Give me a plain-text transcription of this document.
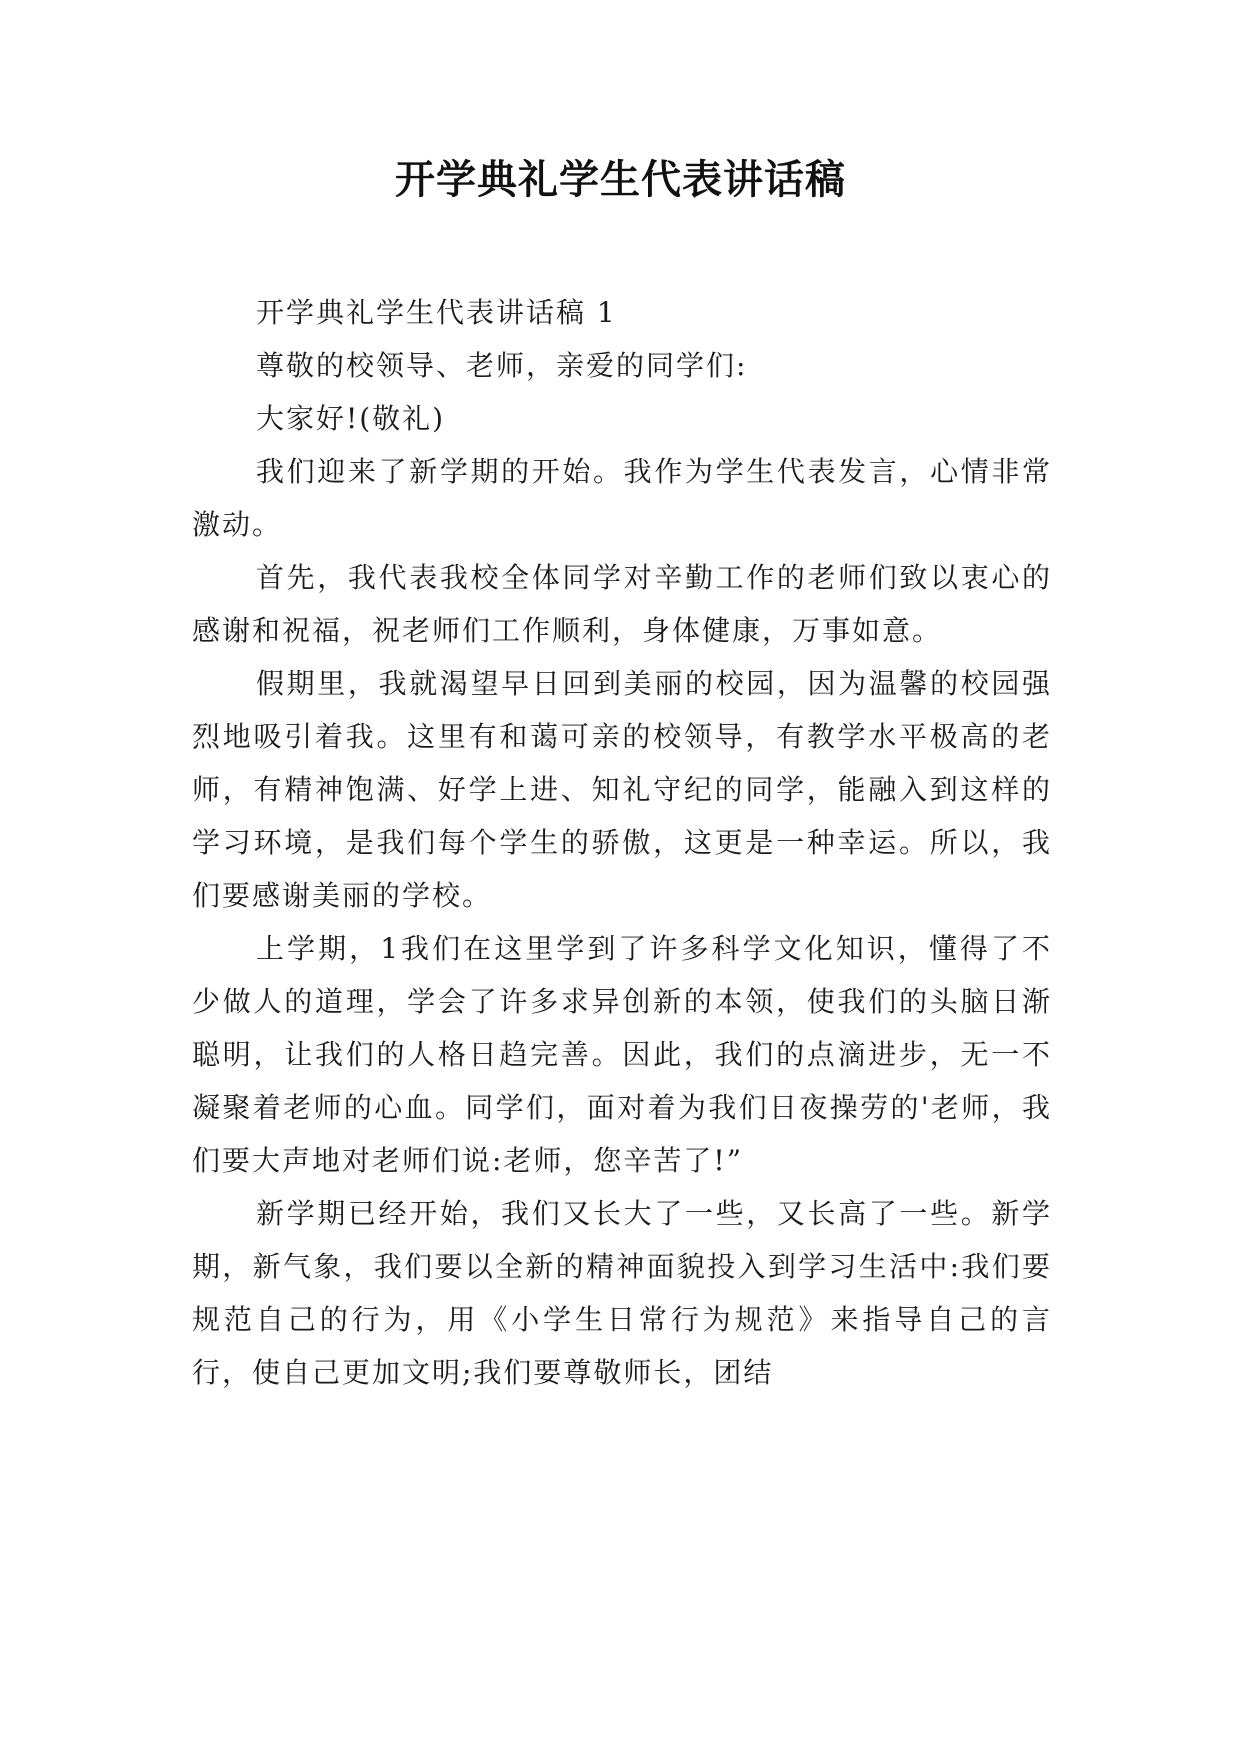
开学典礼学生代表讲话稿

开学典礼学生代表讲话稿 1

尊敬的校领导、老师，亲爱的同学们:

大家好!(敬礼)

我们迎来了新学期的开始。我作为学生代表发言，心情非常激动。

首先，我代表我校全体同学对辛勤工作的老师们致以衷心的感谢和祝福，祝老师们工作顺利，身体健康，万事如意。

假期里，我就渴望早日回到美丽的校园，因为温馨的校园强烈地吸引着我。这里有和蔼可亲的校领导，有教学水平极高的老师，有精神饱满、好学上进、知礼守纪的同学，能融入到这样的学习环境，是我们每个学生的骄傲，这更是一种幸运。所以，我们要感谢美丽的学校。

上学期，1我们在这里学到了许多科学文化知识，懂得了不少做人的道理，学会了许多求异创新的本领，使我们的头脑日渐聪明，让我们的人格日趋完善。因此，我们的点滴进步，无一不凝聚着老师的心血。同学们，面对着为我们日夜操劳的'老师，我们要大声地对老师们说:老师，您辛苦了!”

新学期已经开始，我们又长大了一些，又长高了一些。新学期，新气象，我们要以全新的精神面貌投入到学习生活中:我们要规范自己的行为，用《小学生日常行为规范》来指导自己的言行，使自己更加文明;我们要尊敬师长，团结
